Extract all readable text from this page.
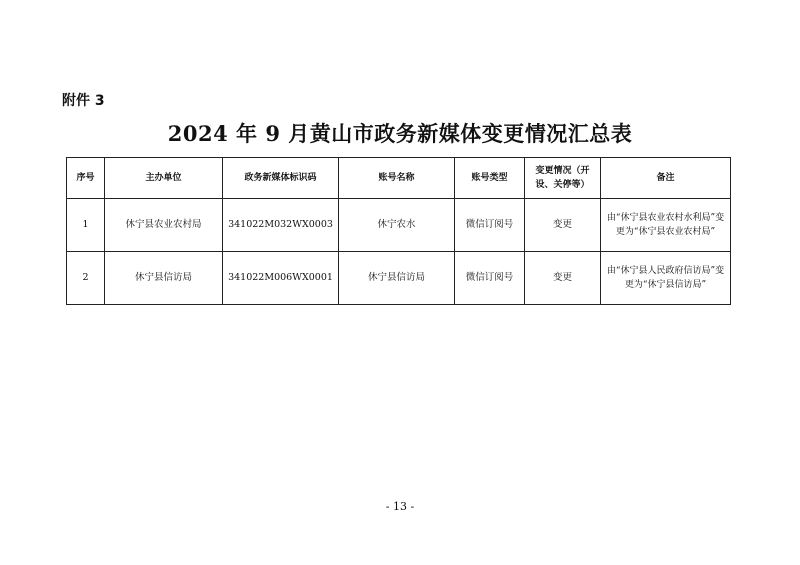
附件 3
2024 年 9 月黄山市政务新媒体变更情况汇总表
序号	主办单位	政务新媒体标识码	账号名称	账号类型	变更情况（开设、关停等）	备注
1	休宁县农业农村局	341022M032WX0003	休宁农水	微信订阅号	变更	由“休宁县农业农村水利局”变更为“休宁县农业农村局”
2	休宁县信访局	341022M006WX0001	休宁县信访局	微信订阅号	变更	由“休宁县人民政府信访局”变更为“休宁县信访局”
- 13 -
